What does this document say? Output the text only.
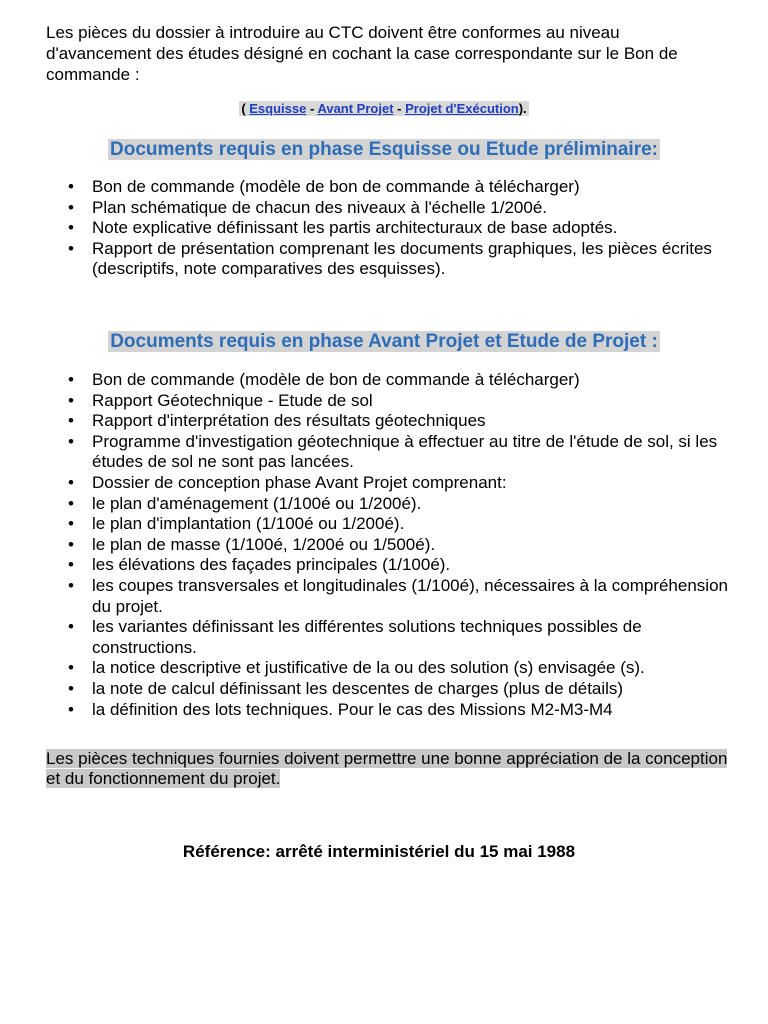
Les pièces du dossier à introduire au CTC doivent être conformes au niveau d'avancement des études désigné en cochant la case correspondante sur le Bon de commande :

( Esquisse - Avant Projet - Projet d'Exécution).

Documents requis en phase Esquisse ou Etude préliminaire:
• Bon de commande (modèle de bon de commande à télécharger)
• Plan schématique de chacun des niveaux à l'échelle 1/200é.
• Note explicative définissant les partis architecturaux de base adoptés.
• Rapport de présentation comprenant les documents graphiques, les pièces écrites (descriptifs, note comparatives des esquisses).
Documents requis en phase Avant Projet et Etude de Projet :
• Bon de commande (modèle de bon de commande à télécharger)
• Rapport Géotechnique - Etude de sol
• Rapport d'interprétation des résultats géotechniques
• Programme d'investigation géotechnique à effectuer au titre de l'étude de sol, si les études de sol ne sont pas lancées.
• Dossier de conception phase Avant Projet comprenant:
• le plan d'aménagement (1/100é ou 1/200é).
• le plan d'implantation (1/100é ou 1/200é).
• le plan de masse (1/100é, 1/200é ou 1/500é).
• les élévations des façades principales (1/100é).
• les coupes transversales et longitudinales (1/100é), nécessaires à la compréhension du projet.
• les variantes définissant les différentes solutions techniques possibles de constructions.
• la notice descriptive et justificative de la ou des solution (s) envisagée (s).
• la note de calcul définissant les descentes de charges (plus de détails)
• la définition des lots techniques. Pour le cas des Missions M2-M3-M4

Les pièces techniques fournies doivent permettre une bonne appréciation de la conception et du fonctionnement du projet.

Référence: arrêté interministériel du 15 mai 1988
